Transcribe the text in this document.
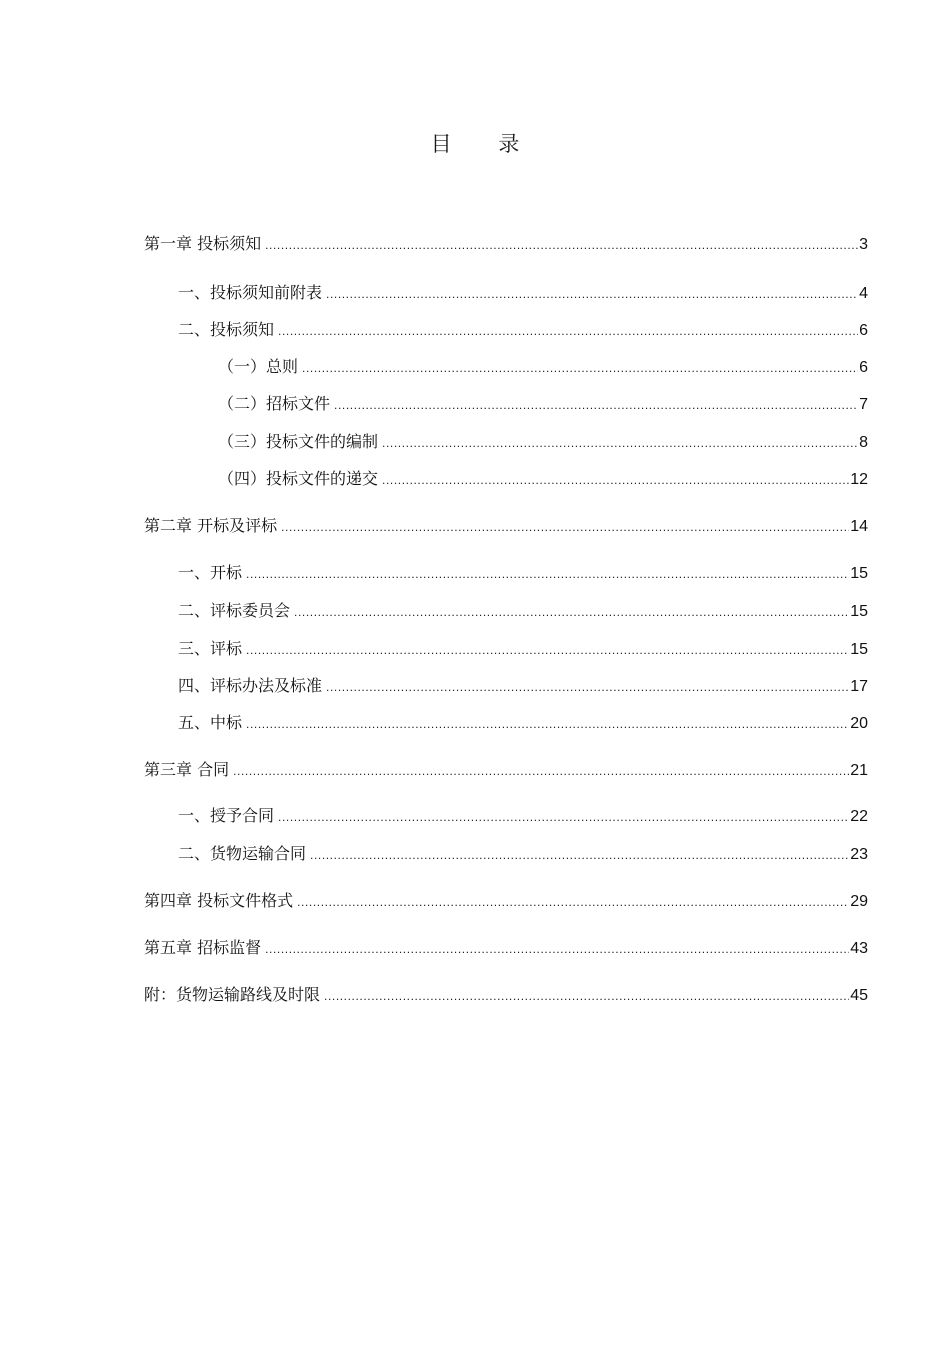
目 录
第一章 投标须知 .....	3
一、投标须知前附表 .....	4
二、投标须知 .....	6
（一） 总则 .....	6
（二） 招标文件 .....	7
（三） 投标文件的编制 .....	8
（四） 投标文件的递交 .....	12
第二章 开标及评标 .....	14
一、 开标 .....	15
二、 评标委员会 .....	15
三、 评标 .....	15
四、 评标办法及标准 .....	17
五、 中标 .....	20
第三章 合同 .....	21
一、 授予合同 .....	22
二、货物运输合同 .....	23
第四章 投标文件格式 .....	29
第五章 招标监督 .....	43
附：货物运输路线及时限 .....	45
